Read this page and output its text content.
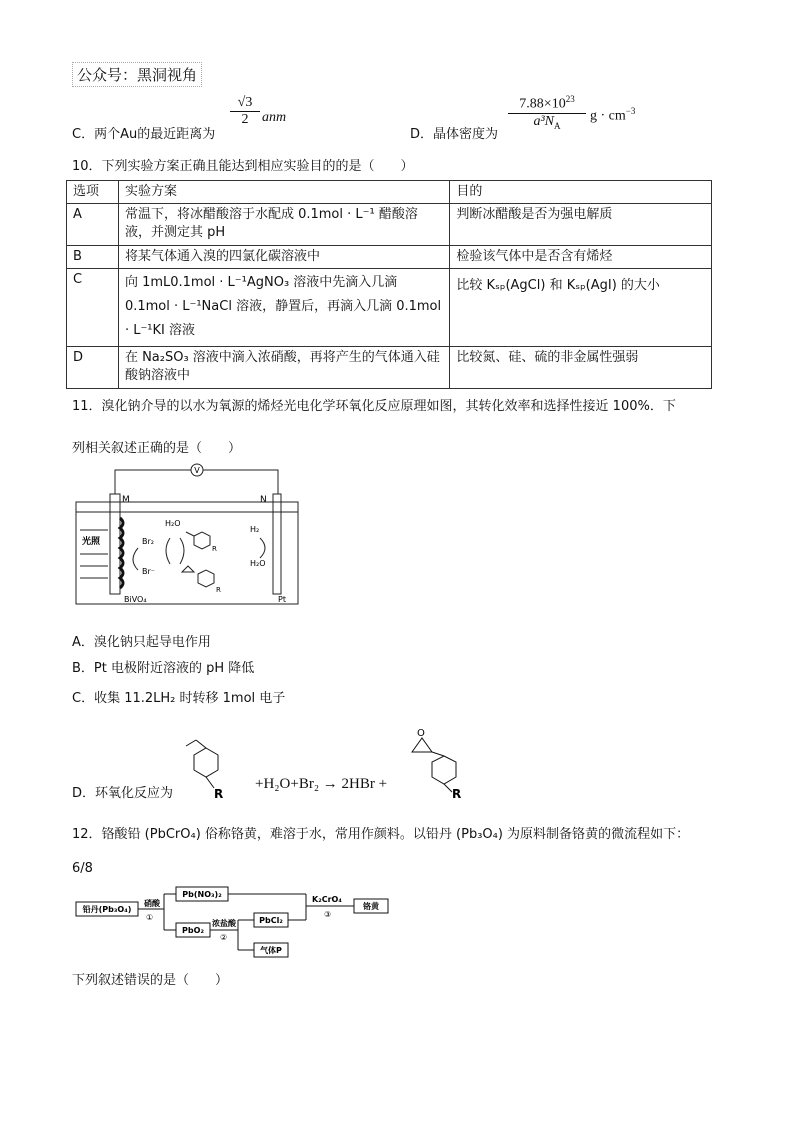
公众号：黑洞视角
C．两个Au的最近距离为
$\frac{√3}{2}$ anm
D．晶体密度为
$\frac{7.88\times 10^{23}}{a^3N_A}$ $g \cdot cm^{-3}$
10．下列实验方案正确且能达到相应实验目的的是（　　）
选项	实验方案	目的
A	常温下，将冰醋酸溶于水配成 0.1mol · L⁻¹ 醋酸溶液，并测定其 pH	判断冰醋酸是否为强电解质
B	将某气体通入溴的四氯化碳溶液中	检验该气体中是否含有烯烃
C	向 1mL0.1mol · L⁻¹AgNO₃ 溶液中先滴入几滴 0.1mol · L⁻¹NaCl 溶液，静置后，再滴入几滴 0.1mol · L⁻¹KI 溶液	比较 Kₛₚ(AgCl) 和 Kₛₚ(AgI) 的大小
D	在 Na₂SO₃ 溶液中滴入浓硝酸，再将产生的气体通入硅酸钠溶液中	比较氮、硅、硫的非金属性强弱
11．溴化钠介导的以水为氧源的烯烃光电化学环氧化反应原理如图，其转化效率和选择性接近 100%．下
列相关叙述正确的是（　　）
V
M	N
光照	Br₂
Br⁻
H₂O
R
R
H₂
H₂O
BiVO₄	Pt
A．溴化钠只起导电作用
B．Pt 电极附近溶液的 pH 降低
C．收集 11.2LH₂ 时转移 1mol 电子
D．环氧化反应为	R
+H₂O+Br₂ → 2HBr +
O
R
12．铬酸铅 (PbCrO₄) 俗称铬黄，难溶于水，常用作颜料。以铅丹 (Pb₃O₄) 为原料制备铬黄的微流程如下：
6/8
铅丹(Pb₃O₄)
硝酸
①
Pb(NO₃)₂
PbO₂
浓盐酸
②
PbCl₂
气体P
K₂CrO₄
③
铬黄
下列叙述错误的是（　　）
